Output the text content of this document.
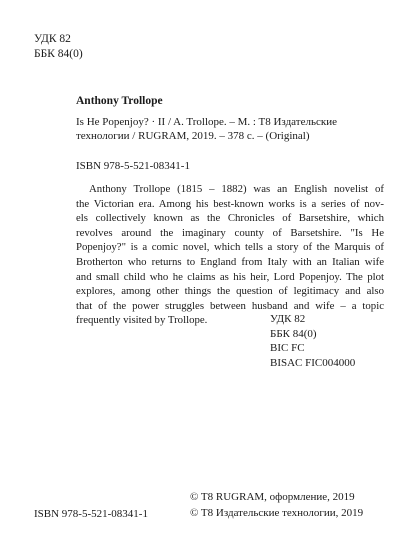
УДК 82
ББК 84(0)
Anthony Trollope
Is He Popenjoy? · II / A. Trollope. – M. : T8 Издательские
технологии / RUGRAM, 2019. – 378 с. – (Original)
ISBN 978-5-521-08341-1
Anthony Trollope (1815 – 1882) was an English novelist of
the Victorian era. Among his best-known works is a series of nov-
els collectively known as the Chronicles of Barsetshire, which
revolves around the imaginary county of Barsetshire. "Is He
Popenjoy?" is a comic novel, which tells a story of the Marquis of
Brotherton who returns to England from Italy with an Italian wife
and small child who he claims as his heir, Lord Popenjoy. The plot
explores, among other things the question of legitimacy and also
that of the power struggles between husband and wife – a topic
frequently visited by Trollope.	УДК 82
ББК 84(0)
BIC FC
BISAC FIC004000
ISBN 978-5-521-08341-1
© T8 RUGRAM, оформление, 2019
© T8 Издательские технологии, 2019
